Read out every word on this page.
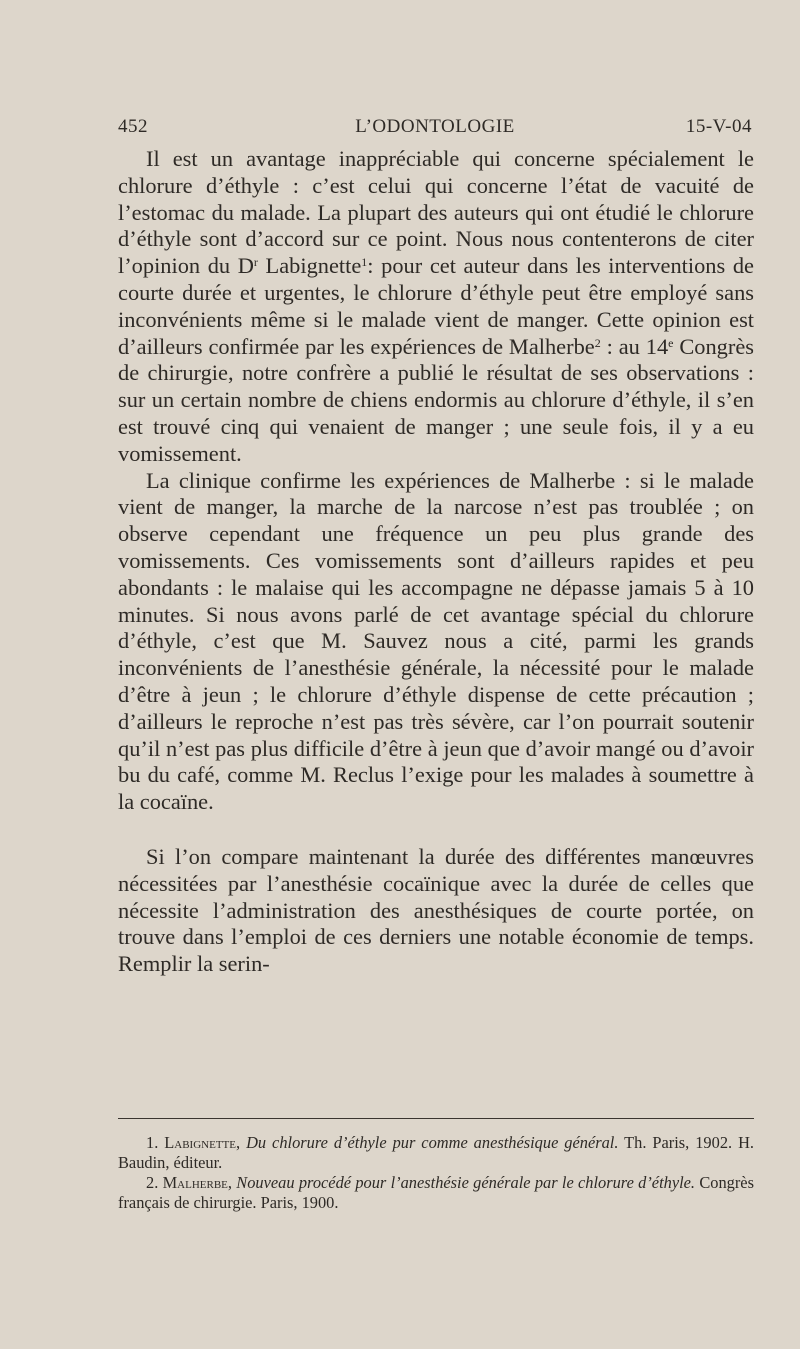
452	L’ODONTOLOGIE	15-V-04

Il est un avantage inappréciable qui concerne spécialement le chlorure d’éthyle : c’est celui qui concerne l’état de vacuité de l’estomac du malade. La plupart des auteurs qui ont étudié le chlorure d’éthyle sont d’accord sur ce point. Nous nous contenterons de citer l’opinion du $D^r$ Labignette$^1$: pour cet auteur dans les interventions de courte durée et urgentes, le chlorure d’éthyle peut être employé sans inconvénients même si le malade vient de manger. Cette opinion est d’ailleurs confirmée par les expériences de Malherbe$^2$ : au 14e Congrès de chirurgie, notre confrère a publié le résultat de ses observations : sur un certain nombre de chiens endormis au chlorure d’éthyle, il s’en est trouvé cinq qui venaient de manger ; une seule fois, il y a eu vomissement.

La clinique confirme les expériences de Malherbe : si le malade vient de manger, la marche de la narcose n’est pas troublée ; on observe cependant une fréquence un peu plus grande des vomissements. Ces vomissements sont d’ailleurs rapides et peu abondants : le malaise qui les accompagne ne dépasse jamais 5 à 10 minutes. Si nous avons parlé de cet avantage spécial du chlorure d’éthyle, c’est que M. Sauvez nous a cité, parmi les grands inconvénients de l’anesthésie générale, la nécessité pour le malade d’être à jeun ; le chlorure d’éthyle dispense de cette précaution ; d’ailleurs le reproche n’est pas très sévère, car l’on pourrait soutenir qu’il n’est pas plus difficile d’être à jeun que d’avoir mangé ou d’avoir bu du café, comme M. Reclus l’exige pour les malades à soumettre à la cocaïne.

Si l’on compare maintenant la durée des différentes manœuvres nécessitées par l’anesthésie cocaïnique avec la durée de celles que nécessite l’administration des anesthésiques de courte portée, on trouve dans l’emploi de ces derniers une notable économie de temps. Remplir la serin-

1. Labignette, Du chlorure d’éthyle pur comme anesthésique général. Th. Paris, 1902. H. Baudin, éditeur.

2. Malherbe, Nouveau procédé pour l’anesthésie générale par le chlorure d’éthyle. Congrès français de chirurgie. Paris, 1900.
